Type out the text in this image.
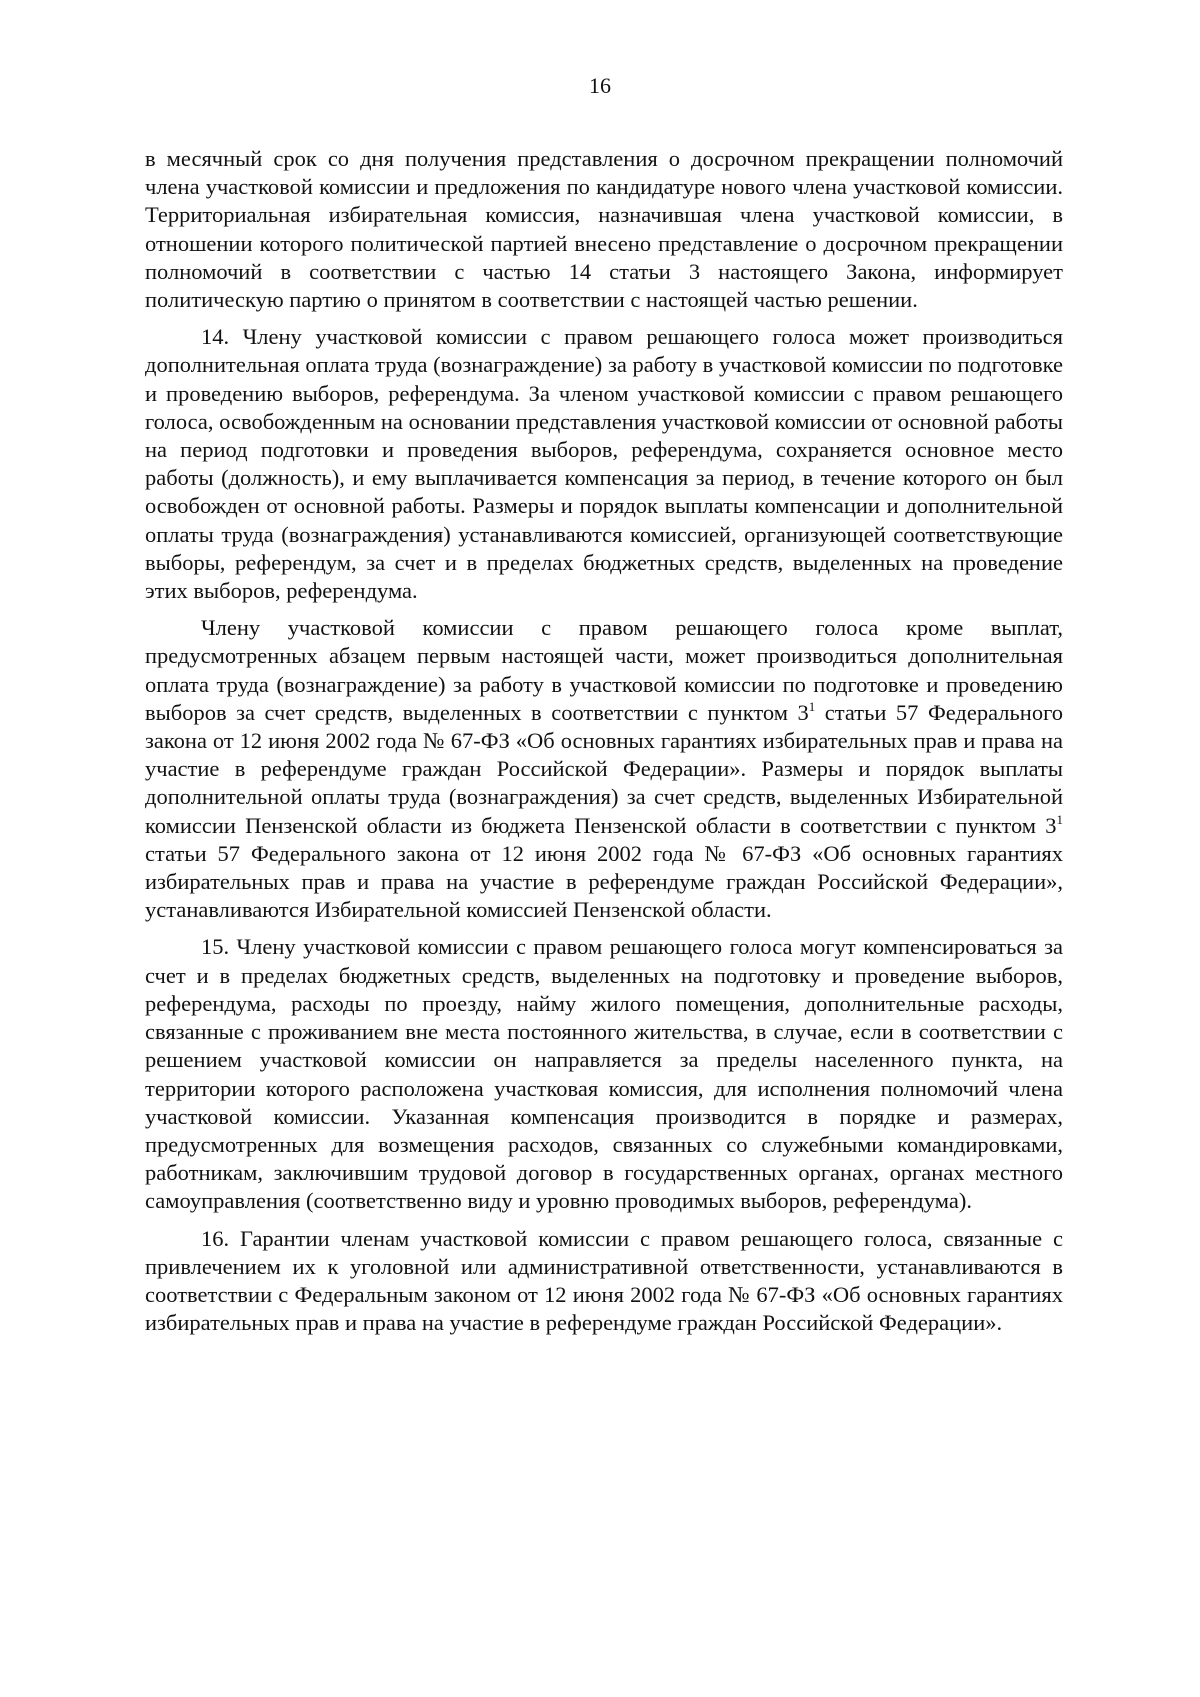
16

в месячный срок со дня получения представления о досрочном прекращении полномочий члена участковой комиссии и предложения по кандидатуре нового члена участковой комиссии. Территориальная избирательная комиссия, назначившая члена участковой комиссии, в отношении которого политической партией внесено представление о досрочном прекращении полномочий в соответствии с частью 14 статьи 3 настоящего Закона, информирует политическую партию о принятом в соответствии с настоящей частью решении.

14. Члену участковой комиссии с правом решающего голоса может производиться дополнительная оплата труда (вознаграждение) за работу в участковой комиссии по подготовке и проведению выборов, референдума. За членом участковой комиссии с правом решающего голоса, освобожденным на основании представления участковой комиссии от основной работы на период подготовки и проведения выборов, референдума, сохраняется основное место работы (должность), и ему выплачивается компенсация за период, в течение которого он был освобожден от основной работы. Размеры и порядок выплаты компенсации и дополнительной оплаты труда (вознаграждения) устанавливаются комиссией, организующей соответствующие выборы, референдум, за счет и в пределах бюджетных средств, выделенных на проведение этих выборов, референдума.

Члену участковой комиссии с правом решающего голоса кроме выплат, предусмотренных абзацем первым настоящей части, может производиться дополнительная оплата труда (вознаграждение) за работу в участковой комиссии по подготовке и проведению выборов за счет средств, выделенных в соответствии с пунктом $3^1$ статьи 57 Федерального закона от 12 июня 2002 года № 67-ФЗ «Об основных гарантиях избирательных прав и права на участие в референдуме граждан Российской Федерации». Размеры и порядок выплаты дополнительной оплаты труда (вознаграждения) за счет средств, выделенных Избирательной комиссии Пензенской области из бюджета Пензенской области в соответствии с пунктом $3^1$ статьи 57 Федерального закона от 12 июня 2002 года № 67-ФЗ «Об основных гарантиях избирательных прав и права на участие в референдуме граждан Российской Федерации», устанавливаются Избирательной комиссией Пензенской области.

15. Члену участковой комиссии с правом решающего голоса могут компенсироваться за счет и в пределах бюджетных средств, выделенных на подготовку и проведение выборов, референдума, расходы по проезду, найму жилого помещения, дополнительные расходы, связанные с проживанием вне места постоянного жительства, в случае, если в соответствии с решением участковой комиссии он направляется за пределы населенного пункта, на территории которого расположена участковая комиссия, для исполнения полномочий члена участковой комиссии. Указанная компенсация производится в порядке и размерах, предусмотренных для возмещения расходов, связанных со служебными командировками, работникам, заключившим трудовой договор в государственных органах, органах местного самоуправления (соответственно виду и уровню проводимых выборов, референдума).

16. Гарантии членам участковой комиссии с правом решающего голоса, связанные с привлечением их к уголовной или административной ответственности, устанавливаются в соответствии с Федеральным законом от 12 июня 2002 года № 67-ФЗ «Об основных гарантиях избирательных прав и права на участие в референдуме граждан Российской Федерации».
